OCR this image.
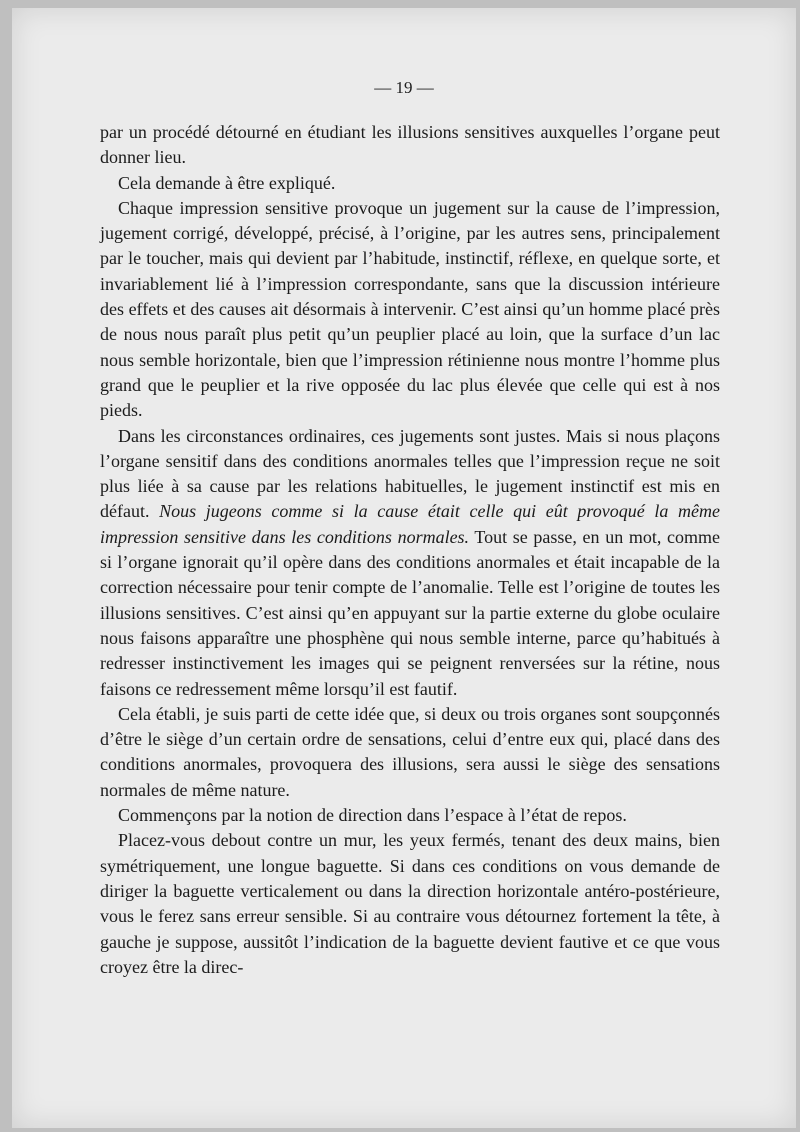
— 19 —

par un procédé détourné en étudiant les illusions sensitives auxquelles l’organe peut donner lieu.

Cela demande à être expliqué.

Chaque impression sensitive provoque un jugement sur la cause de l’impression, jugement corrigé, développé, précisé, à l’origine, par les autres sens, principalement par le toucher, mais qui devient par l’habitude, instinctif, réflexe, en quelque sorte, et invariablement lié à l’impression correspondante, sans que la discussion intérieure des effets et des causes ait désormais à intervenir. C’est ainsi qu’un homme placé près de nous nous paraît plus petit qu’un peuplier placé au loin, que la surface d’un lac nous semble horizontale, bien que l’impression rétinienne nous montre l’homme plus grand que le peuplier et la rive opposée du lac plus élevée que celle qui est à nos pieds.

Dans les circonstances ordinaires, ces jugements sont justes. Mais si nous plaçons l’organe sensitif dans des conditions anormales telles que l’impression reçue ne soit plus liée à sa cause par les relations habituelles, le jugement instinctif est mis en défaut. Nous jugeons comme si la cause était celle qui eût provoqué la même impression sensitive dans les conditions normales. Tout se passe, en un mot, comme si l’organe ignorait qu’il opère dans des conditions anormales et était incapable de la correction nécessaire pour tenir compte de l’anomalie. Telle est l’origine de toutes les illusions sensitives. C’est ainsi qu’en appuyant sur la partie externe du globe oculaire nous faisons apparaître une phosphène qui nous semble interne, parce qu’habitués à redresser instinctivement les images qui se peignent renversées sur la rétine, nous faisons ce redressement même lorsqu’il est fautif.

Cela établi, je suis parti de cette idée que, si deux ou trois organes sont soupçonnés d’être le siège d’un certain ordre de sensations, celui d’entre eux qui, placé dans des conditions anormales, provoquera des illusions, sera aussi le siège des sensations normales de même nature.

Commençons par la notion de direction dans l’espace à l’état de repos.

Placez-vous debout contre un mur, les yeux fermés, tenant des deux mains, bien symétriquement, une longue baguette. Si dans ces conditions on vous demande de diriger la baguette verticalement ou dans la direction horizontale antéro-postérieure, vous le ferez sans erreur sensible. Si au contraire vous détournez fortement la tête, à gauche je suppose, aussitôt l’indication de la baguette devient fautive et ce que vous croyez être la direc-
